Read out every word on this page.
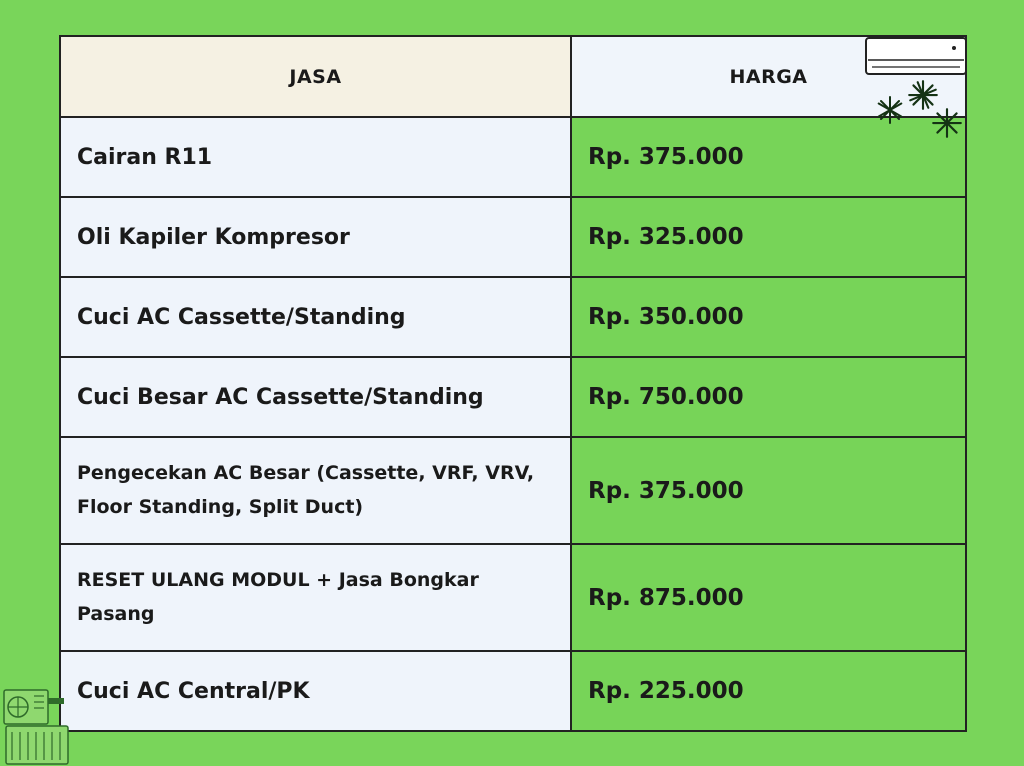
JASA	HARGA
Cairan R11	Rp. 375.000
Oli Kapiler Kompresor	Rp. 325.000
Cuci AC Cassette/Standing	Rp. 350.000
Cuci Besar AC Cassette/Standing	Rp. 750.000
Pengecekan AC Besar (Cassette, VRF, VRV, Floor Standing, Split Duct)	Rp. 375.000
RESET ULANG MODUL + Jasa Bongkar Pasang	Rp. 875.000
Cuci AC Central/PK	Rp. 225.000
